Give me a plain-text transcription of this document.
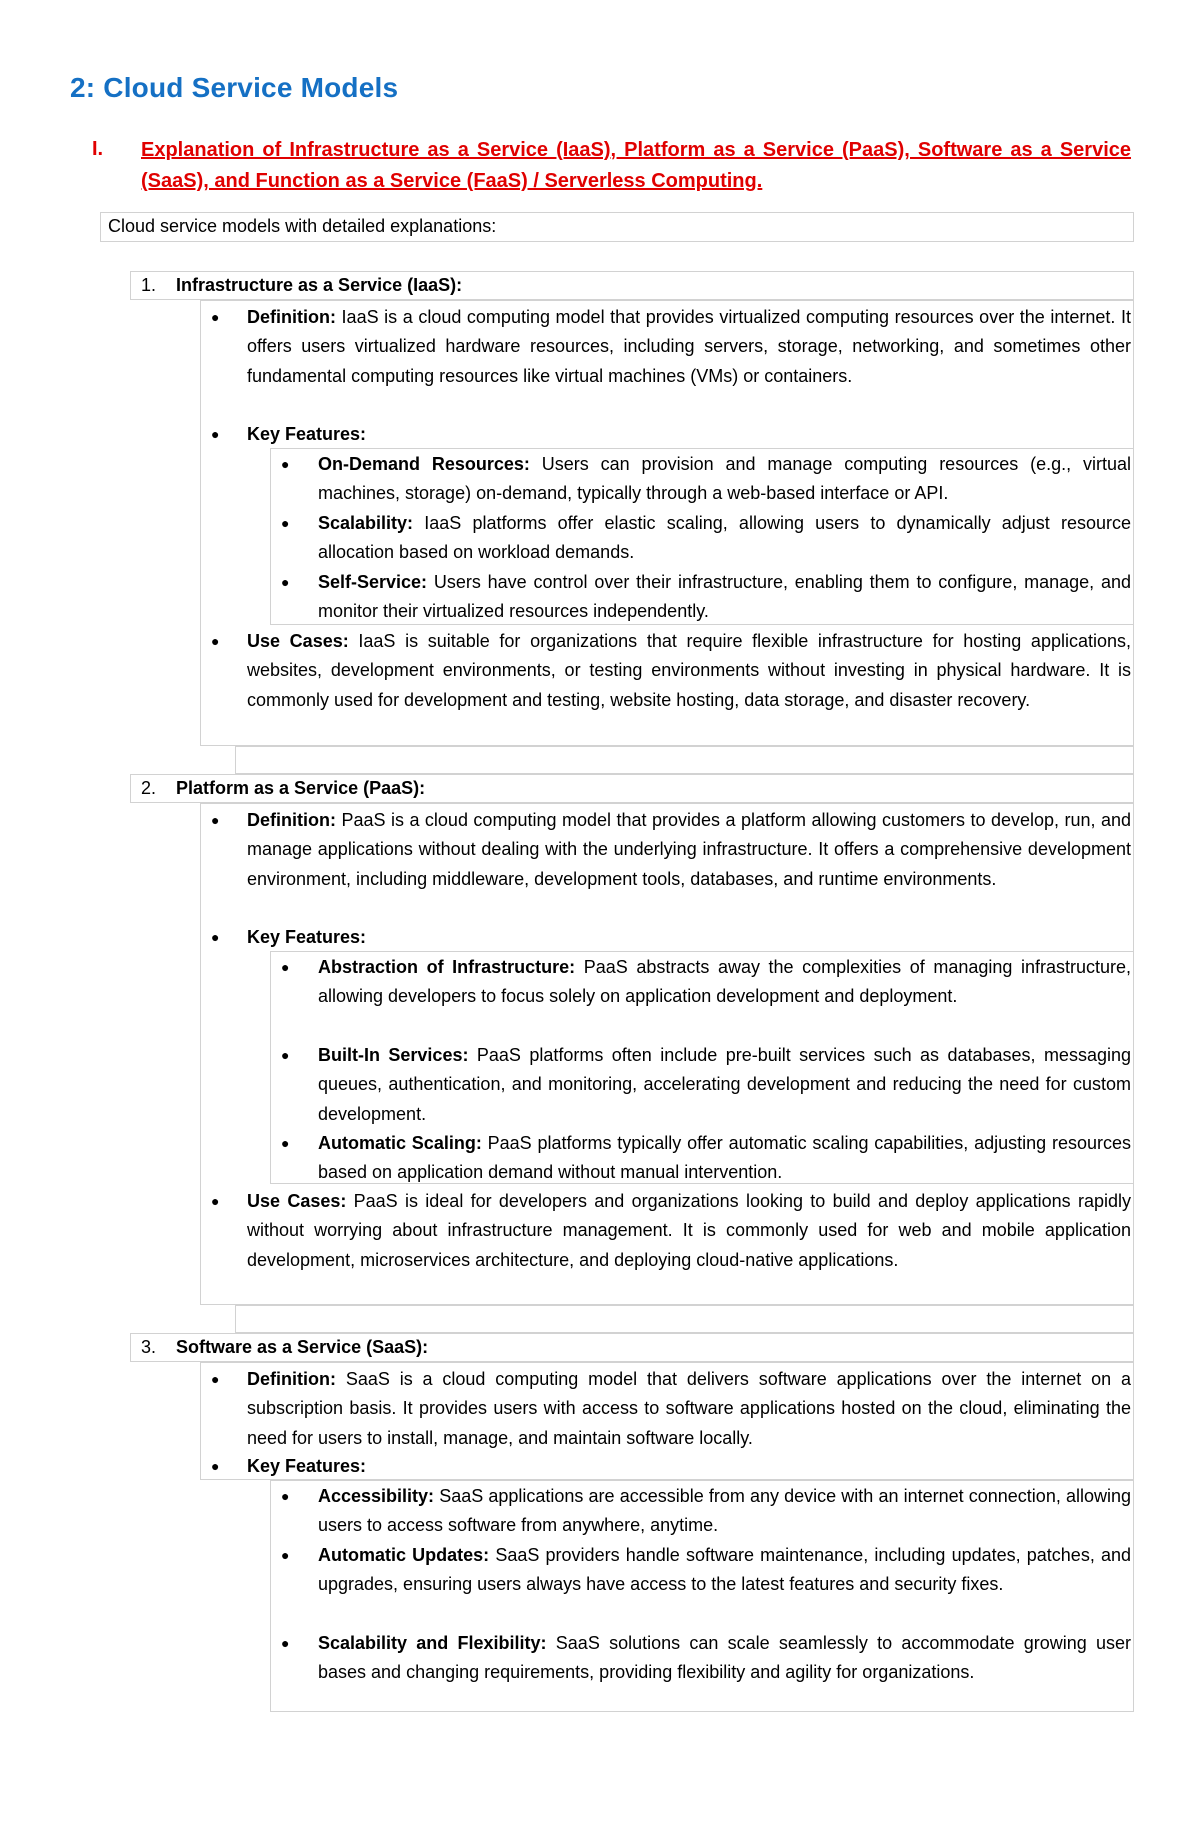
2: Cloud Service Models
I. Explanation of Infrastructure as a Service (IaaS), Platform as a Service (PaaS), Software as a Service (SaaS), and Function as a Service (FaaS) / Serverless Computing.
Cloud service models with detailed explanations:
1. Infrastructure as a Service (IaaS):
● Definition: IaaS is a cloud computing model that provides virtualized computing resources over the internet. It offers users virtualized hardware resources, including servers, storage, networking, and sometimes other fundamental computing resources like virtual machines (VMs) or containers.
● Key Features:
● On-Demand Resources: Users can provision and manage computing resources (e.g., virtual machines, storage) on-demand, typically through a web-based interface or API.
● Scalability: IaaS platforms offer elastic scaling, allowing users to dynamically adjust resource allocation based on workload demands.
● Self-Service: Users have control over their infrastructure, enabling them to configure, manage, and monitor their virtualized resources independently.
● Use Cases: IaaS is suitable for organizations that require flexible infrastructure for hosting applications, websites, development environments, or testing environments without investing in physical hardware. It is commonly used for development and testing, website hosting, data storage, and disaster recovery.
2. Platform as a Service (PaaS):
● Definition: PaaS is a cloud computing model that provides a platform allowing customers to develop, run, and manage applications without dealing with the underlying infrastructure. It offers a comprehensive development environment, including middleware, development tools, databases, and runtime environments.
● Key Features:
● Abstraction of Infrastructure: PaaS abstracts away the complexities of managing infrastructure, allowing developers to focus solely on application development and deployment.
● Built-In Services: PaaS platforms often include pre-built services such as databases, messaging queues, authentication, and monitoring, accelerating development and reducing the need for custom development.
● Automatic Scaling: PaaS platforms typically offer automatic scaling capabilities, adjusting resources based on application demand without manual intervention.
● Use Cases: PaaS is ideal for developers and organizations looking to build and deploy applications rapidly without worrying about infrastructure management. It is commonly used for web and mobile application development, microservices architecture, and deploying cloud-native applications.
3. Software as a Service (SaaS):
● Definition: SaaS is a cloud computing model that delivers software applications over the internet on a subscription basis. It provides users with access to software applications hosted on the cloud, eliminating the need for users to install, manage, and maintain software locally.
● Key Features:
● Accessibility: SaaS applications are accessible from any device with an internet connection, allowing users to access software from anywhere, anytime.
● Automatic Updates: SaaS providers handle software maintenance, including updates, patches, and upgrades, ensuring users always have access to the latest features and security fixes.
● Scalability and Flexibility: SaaS solutions can scale seamlessly to accommodate growing user bases and changing requirements, providing flexibility and agility for organizations.
